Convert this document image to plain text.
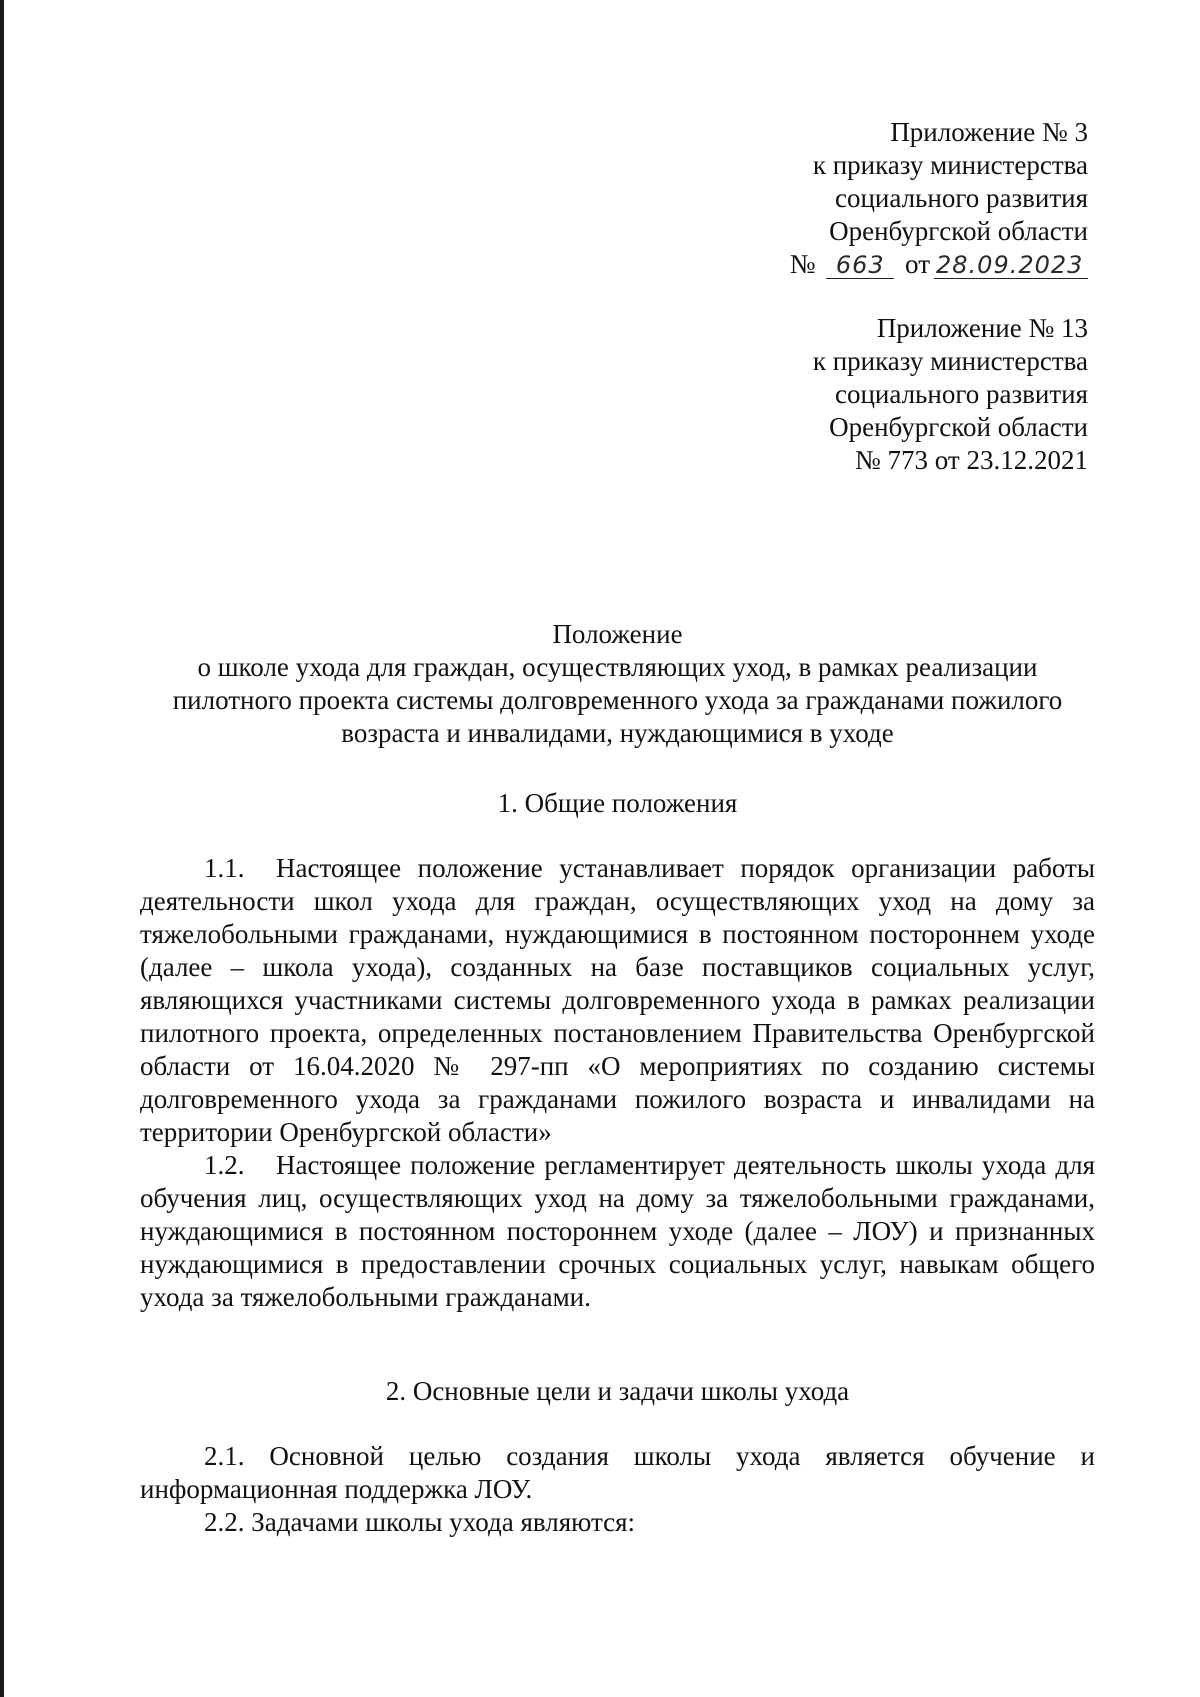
Приложение № 3
к приказу министерства
социального развития
Оренбургской области
№ 663 от 28.09.2023
Приложение № 13
к приказу министерства
социального развития
Оренбургской области
№ 773 от 23.12.2021
Положение
о школе ухода для граждан, осуществляющих уход, в рамках реализации
пилотного проекта системы долговременного ухода за гражданами пожилого
возраста и инвалидами, нуждающимися в уходе
1. Общие положения

1.1. Настоящее положение устанавливает порядок организации работы деятельности школ ухода для граждан, осуществляющих уход на дому за тяжелобольными гражданами, нуждающимися в постоянном постороннем уходе (далее – школа ухода), созданных на базе поставщиков социальных услуг, являющихся участниками системы долговременного ухода в рамках реализации пилотного проекта, определенных постановлением Правительства Оренбургской области от 16.04.2020 № 297-пп «О мероприятиях по созданию системы долговременного ухода за гражданами пожилого возраста и инвалидами на территории Оренбургской области»

1.2. Настоящее положение регламентирует деятельность школы ухода для обучения лиц, осуществляющих уход на дому за тяжелобольными гражданами, нуждающимися в постоянном постороннем уходе (далее – ЛОУ) и признанных нуждающимися в предоставлении срочных социальных услуг, навыкам общего ухода за тяжелобольными гражданами.

2. Основные цели и задачи школы ухода

2.1. Основной целью создания школы ухода является обучение и информационная поддержка ЛОУ.

2.2. Задачами школы ухода являются:
